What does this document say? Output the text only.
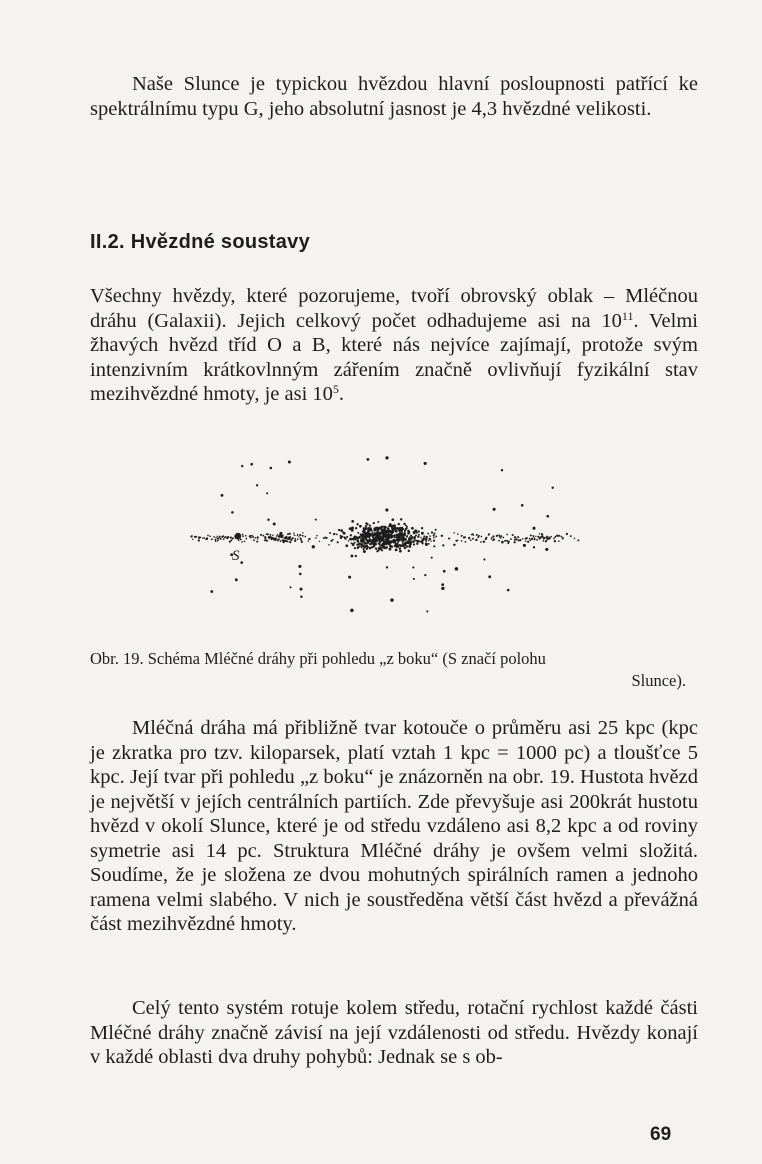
Naše Slunce je typickou hvězdou hlavní posloupnosti patřící ke spektrálnímu typu G, jeho absolutní jasnost je 4,3 hvězdné velikosti.

II.2. Hvězdné soustavy

Všechny hvězdy, které pozorujeme, tvoří obrovský oblak – Mléčnou dráhu (Galaxii). Jejich celkový počet odhadujeme asi na $10^{11}$. Velmi žhavých hvězd tříd O a B, které nás nejvíce zajímají, protože svým intenzivním krátkovlnným zářením značně ovlivňují fyzikální stav mezihvězdné hmoty, je asi $10^5$.

S
Obr. 19. Schéma Mléčné dráhy při pohledu „z boku“ (S značí polohu
Slunce).

Mléčná dráha má přibližně tvar kotouče o průměru asi 25 kpc (kpc je zkratka pro tzv. kiloparsek, platí vztah 1 kpc = 1000 pc) a tloušťce 5 kpc. Její tvar při pohledu „z boku“ je znázorněn na obr. 19. Hustota hvězd je největší v jejích centrálních partiích. Zde převyšuje asi 200krát hustotu hvězd v okolí Slunce, které je od středu vzdáleno asi 8,2 kpc a od roviny symetrie asi 14 pc. Struktura Mléčné dráhy je ovšem velmi složitá. Soudíme, že je složena ze dvou mohutných spirálních ramen a jednoho ramena velmi slabého. V nich je soustředěna větší část hvězd a převážná část mezihvězdné hmoty.

Celý tento systém rotuje kolem středu, rotační rychlost každé části Mléčné dráhy značně závisí na její vzdálenosti od středu. Hvězdy konají v každé oblasti dva druhy pohybů: Jednak se s ob-

69
